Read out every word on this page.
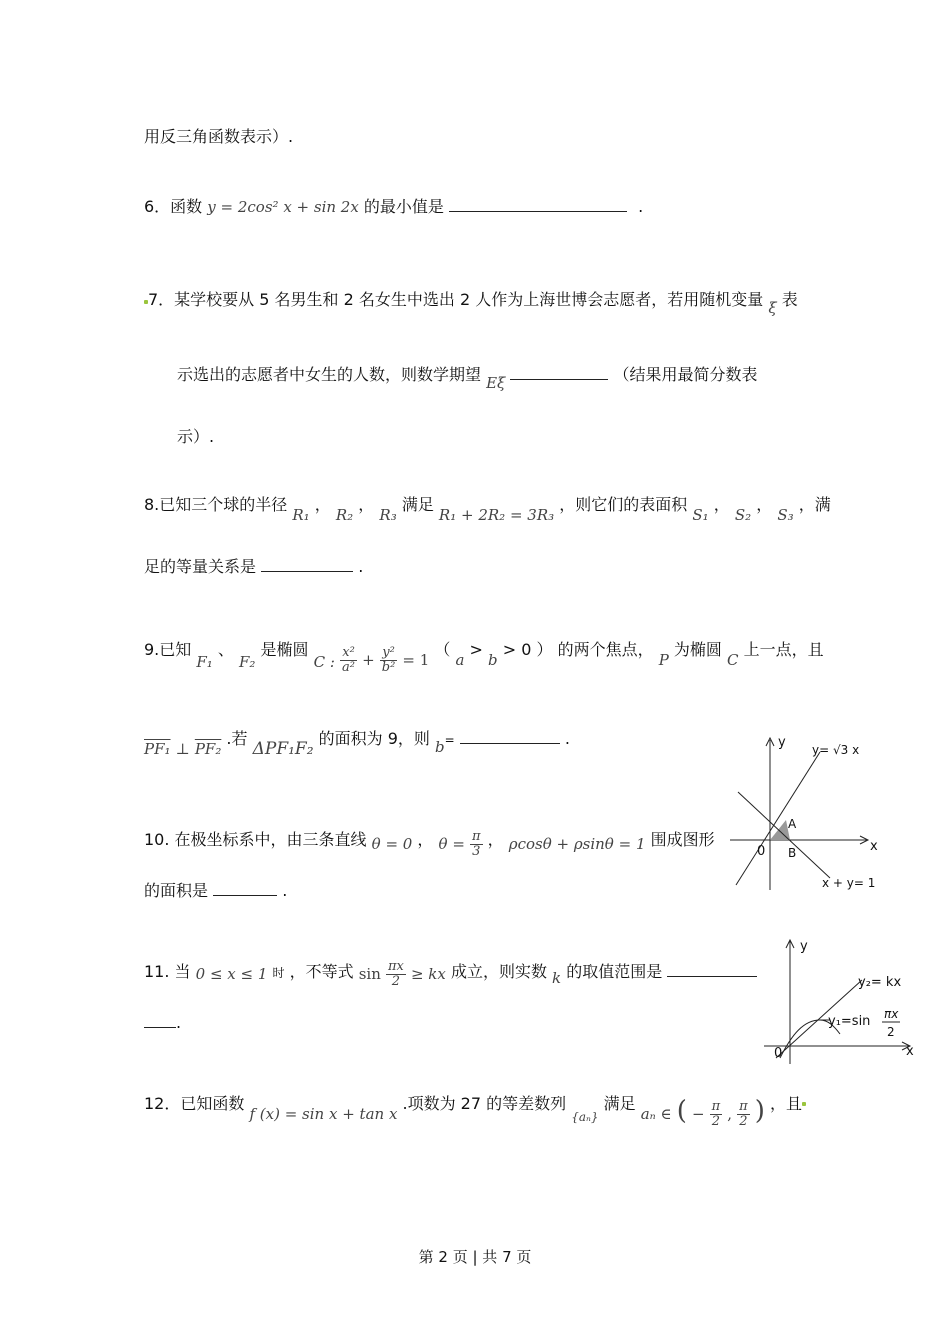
用反三角函数表示）.
6．函数 y = 2cos² x + sin 2x 的最小值是	.
7．某学校要从 5 名男生和 2 名女生中选出 2 人作为上海世博会志愿者，若用随机变量 ξ 表
示选出的志愿者中女生的人数，则数学期望 Eξ	（结果用最简分数表
示）.
8.已知三个球的半径 R₁ ， R₂ ， R₃ 满足 R₁ + 2R₂ = 3R₃ ，则它们的表面积 S₁ ， S₂ ， S₃ ，满
足的等量关系是	.
9.已知 F₁ 、 F₂ 是椭圆 C : $\frac{\text{x²}}{\text{a²}} + \frac{\text{y²}}{\text{b²}} = 1$ （ a > b > 0 ） 的两个焦点， P 为椭圆 C 上一点，且
PF₁ ⊥ PF₂ .若 ΔPF₁F₂ 的面积为 9，则 b=	.	y y= √3 x
A
0 B	x
x + y= 1
10. 在极坐标系中，由三条直线 θ = 0 ， $\theta = \frac{\pi}{3}$ ， ρcosθ + ρsinθ = 1 围成图形
的面积是	.
y
y₂= kx
y₁=sin πx
2
0	x
11. 当 0 ≤ x ≤ 1 时 ，不等式 $\sin \frac{\pi x}{2}$ ≥ kx 成立，则实数 k 的取值范围是
.
12．已知函数 f (x) = sin x + tan x .项数为 27 的等差数列 $_{\{a_n\}}$ 满足 aₙ ∈ ( − $\frac{\pi}{2}$ , $\frac{\pi}{2}$ ) ，且
第 2 页 | 共 7 页
